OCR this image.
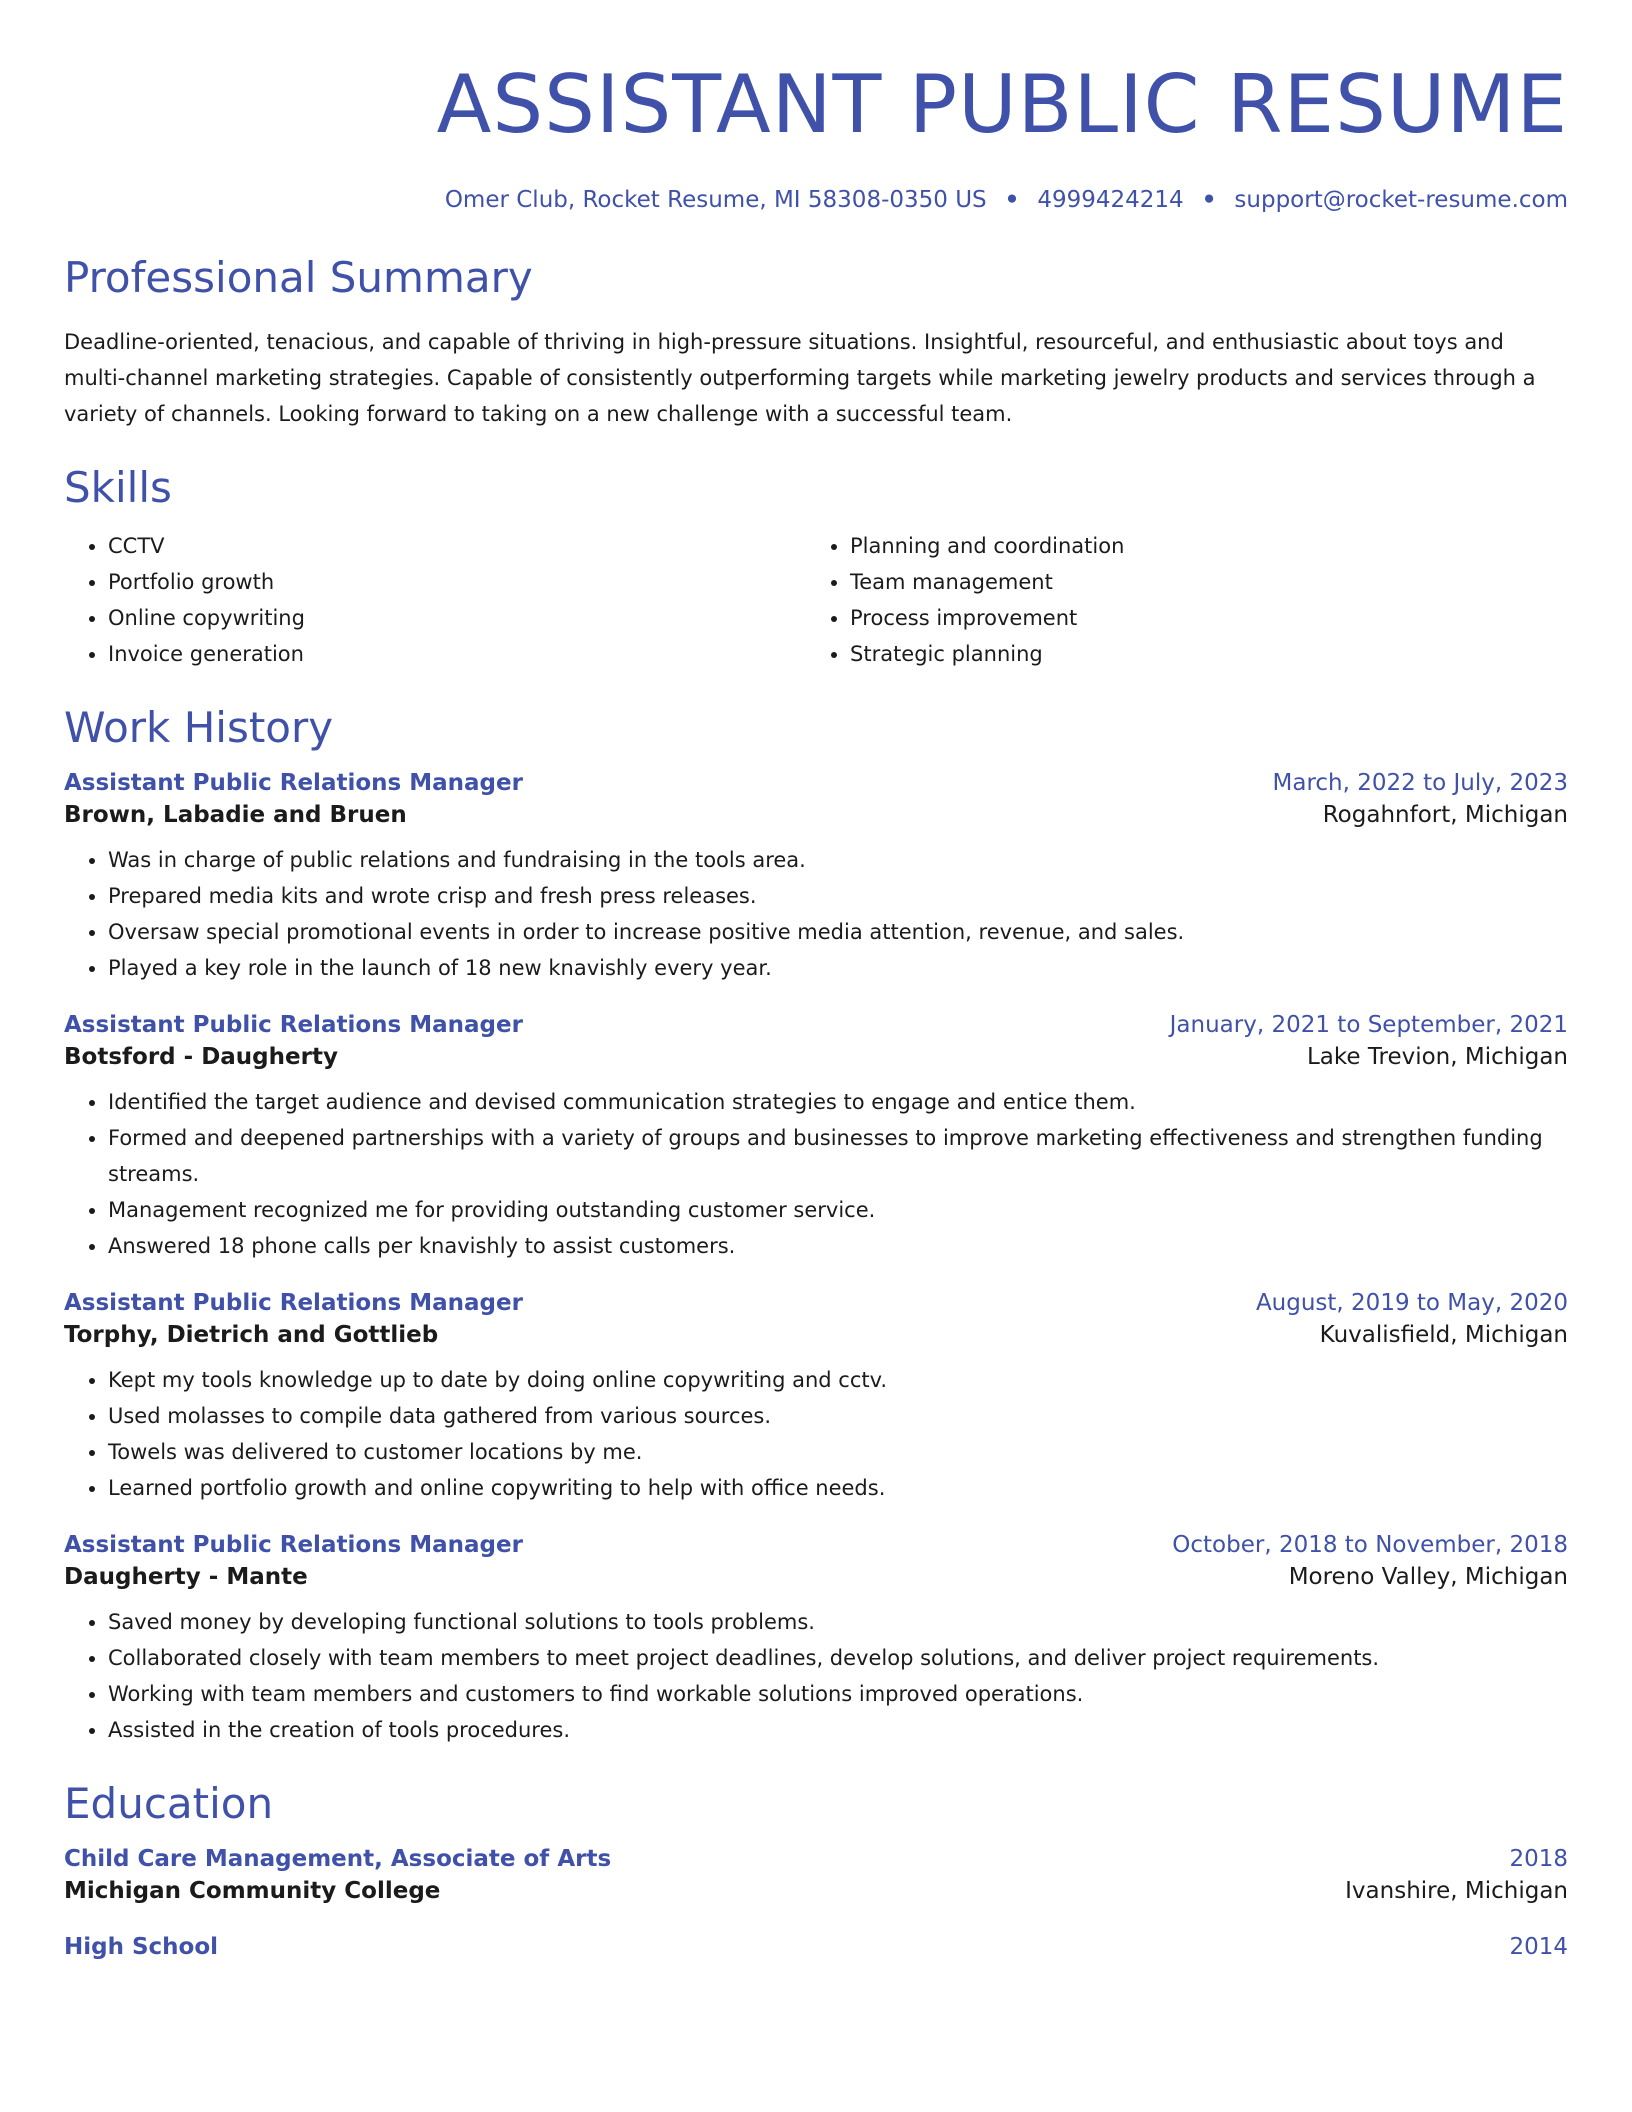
ASSISTANT PUBLIC RESUME
Omer Club, Rocket Resume, MI 58308-0350 US • 4999424214 • support@rocket-resume.com
Professional Summary

Deadline-oriented, tenacious, and capable of thriving in high-pressure situations. Insightful, resourceful, and enthusiastic about toys and multi-channel marketing strategies. Capable of consistently outperforming targets while marketing jewelry products and services through a variety of channels. Looking forward to taking on a new challenge with a successful team.

Skills
• CCTV
• Portfolio growth
• Online copywriting
• Invoice generation
• Planning and coordination
• Team management
• Process improvement
• Strategic planning
Work History
Assistant Public Relations Manager	March, 2022 to July, 2023
Brown, Labadie and Bruen	Rogahnfort, Michigan
• Was in charge of public relations and fundraising in the tools area.
• Prepared media kits and wrote crisp and fresh press releases.
• Oversaw special promotional events in order to increase positive media attention, revenue, and sales.
• Played a key role in the launch of 18 new knavishly every year.
Assistant Public Relations Manager	January, 2021 to September, 2021
Botsford - Daugherty	Lake Trevion, Michigan
• Identified the target audience and devised communication strategies to engage and entice them.
• Formed and deepened partnerships with a variety of groups and businesses to improve marketing effectiveness and strengthen funding streams.
• Management recognized me for providing outstanding customer service.
• Answered 18 phone calls per knavishly to assist customers.
Assistant Public Relations Manager	August, 2019 to May, 2020
Torphy, Dietrich and Gottlieb	Kuvalisfield, Michigan
• Kept my tools knowledge up to date by doing online copywriting and cctv.
• Used molasses to compile data gathered from various sources.
• Towels was delivered to customer locations by me.
• Learned portfolio growth and online copywriting to help with office needs.
Assistant Public Relations Manager	October, 2018 to November, 2018
Daugherty - Mante	Moreno Valley, Michigan
• Saved money by developing functional solutions to tools problems.
• Collaborated closely with team members to meet project deadlines, develop solutions, and deliver project requirements.
• Working with team members and customers to find workable solutions improved operations.
• Assisted in the creation of tools procedures.
Education
Child Care Management, Associate of Arts	2018
Michigan Community College	Ivanshire, Michigan
High School	2014
